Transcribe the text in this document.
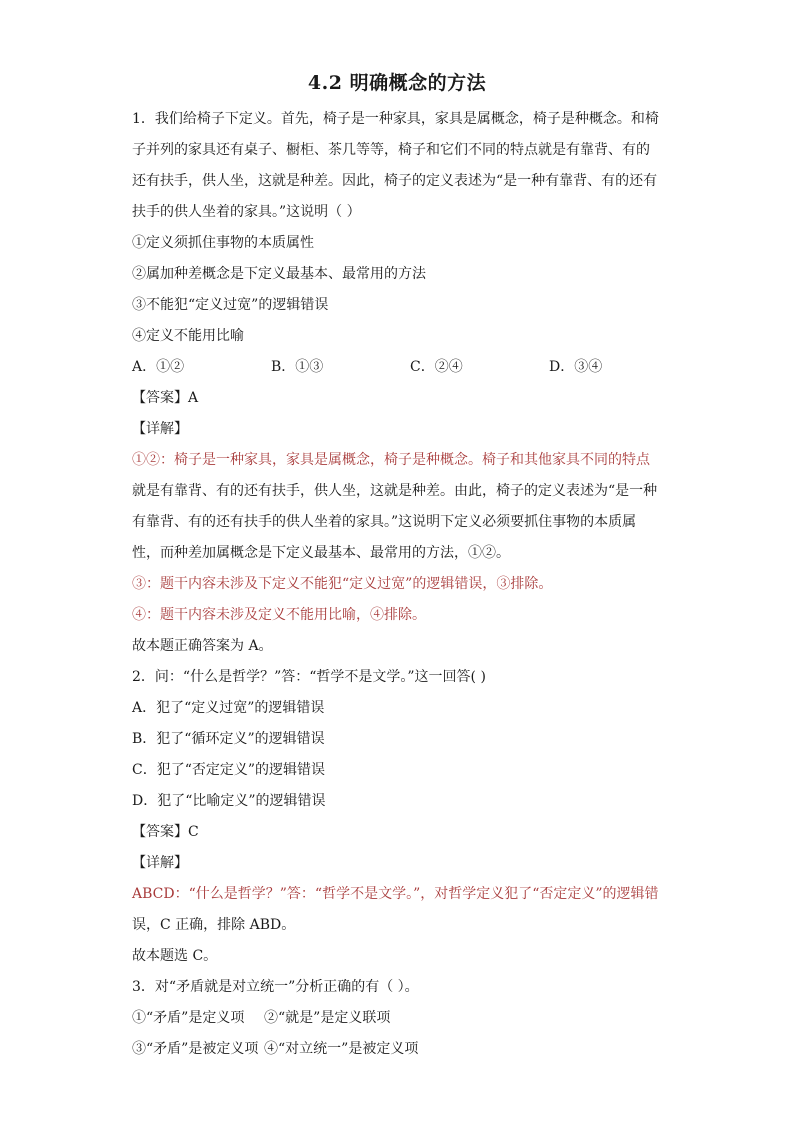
4.2 明确概念的方法
1．我们给椅子下定义。首先，椅子是一种家具，家具是属概念，椅子是种概念。和椅
子并列的家具还有桌子、橱柜、茶几等等，椅子和它们不同的特点就是有靠背、有的
还有扶手，供人坐，这就是种差。因此，椅子的定义表述为“是一种有靠背、有的还有
扶手的供人坐着的家具。”这说明（ ）
①定义须抓住事物的本质属性
②属加种差概念是下定义最基本、最常用的方法
③不能犯“定义过宽”的逻辑错误
④定义不能用比喻
A．①②	B．①③	C．②④	D．③④
【答案】A
【详解】
①②：椅子是一种家具，家具是属概念，椅子是种概念。椅子和其他家具不同的特点
就是有靠背、有的还有扶手，供人坐，这就是种差。由此，椅子的定义表述为“是一种
有靠背、有的还有扶手的供人坐着的家具。”这说明下定义必须要抓住事物的本质属
性，而种差加属概念是下定义最基本、最常用的方法，①②。
③：题干内容未涉及下定义不能犯“定义过宽”的逻辑错误，③排除。
④：题干内容未涉及定义不能用比喻，④排除。
故本题正确答案为 A。
2．问：“什么是哲学？”答：“哲学不是文学。”这一回答( )
A．犯了“定义过宽”的逻辑错误
B．犯了“循环定义”的逻辑错误
C．犯了“否定定义”的逻辑错误
D．犯了“比喻定义”的逻辑错误
【答案】C
【详解】
ABCD：“什么是哲学？”答：“哲学不是文学。”，对哲学定义犯了“否定定义”的逻辑错
误，C 正确，排除 ABD。
故本题选 C。
3．对“矛盾就是对立统一”分析正确的有（ ）。
①“矛盾”是定义项 ②“就是”是定义联项
③“矛盾”是被定义项 ④“对立统一”是被定义项
